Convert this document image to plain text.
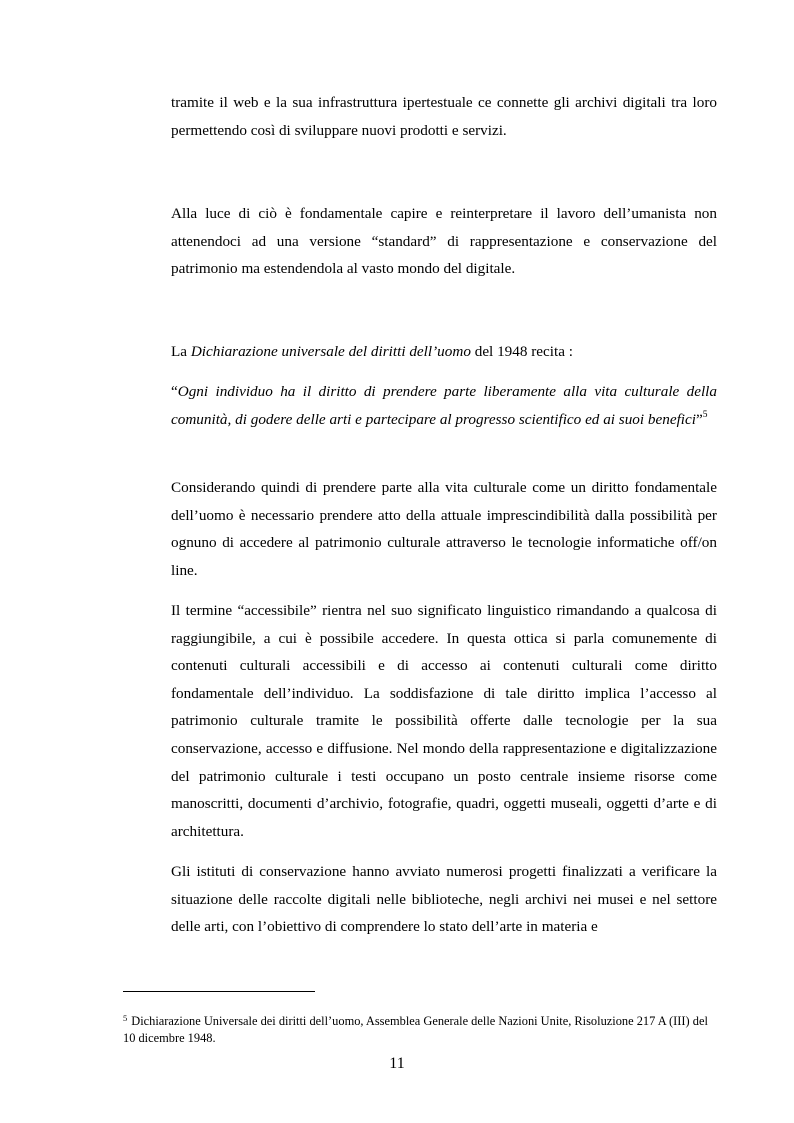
tramite il web e la sua infrastruttura ipertestuale ce connette gli archivi digitali tra loro permettendo così di sviluppare nuovi prodotti e servizi.

Alla luce di ciò è fondamentale capire e reinterpretare il lavoro dell’umanista non attenendoci ad una versione “standard” di rappresentazione e conservazione del patrimonio ma estendendola al vasto mondo del digitale.

La Dichiarazione universale del diritti dell’uomo del 1948 recita :

“Ogni individuo ha il diritto di prendere parte liberamente alla vita culturale della comunità, di godere delle arti e partecipare al progresso scientifico ed ai suoi benefici”$^5$

Considerando quindi di prendere parte alla vita culturale come un diritto fondamentale dell’uomo è necessario prendere atto della attuale imprescindibilità dalla possibilità per ognuno di accedere al patrimonio culturale attraverso le tecnologie informatiche off/on line.

Il termine “accessibile” rientra nel suo significato linguistico rimandando a qualcosa di raggiungibile, a cui è possibile accedere. In questa ottica si parla comunemente di contenuti culturali accessibili e di accesso ai contenuti culturali come diritto fondamentale dell’individuo. La soddisfazione di tale diritto implica l’accesso al patrimonio culturale tramite le possibilità offerte dalle tecnologie per la sua conservazione, accesso e diffusione. Nel mondo della rappresentazione e digitalizzazione del patrimonio culturale i testi occupano un posto centrale insieme risorse come manoscritti, documenti d’archivio, fotografie, quadri, oggetti museali, oggetti d’arte e di architettura.

Gli istituti di conservazione hanno avviato numerosi progetti finalizzati a verificare la situazione delle raccolte digitali nelle biblioteche, negli archivi nei musei e nel settore delle arti, con l’obiettivo di comprendere lo stato dell’arte in materia e

$^5$ Dichiarazione Universale dei diritti dell’uomo, Assemblea Generale delle Nazioni Unite, Risoluzione 217 A (III) del 10 dicembre 1948.

11
